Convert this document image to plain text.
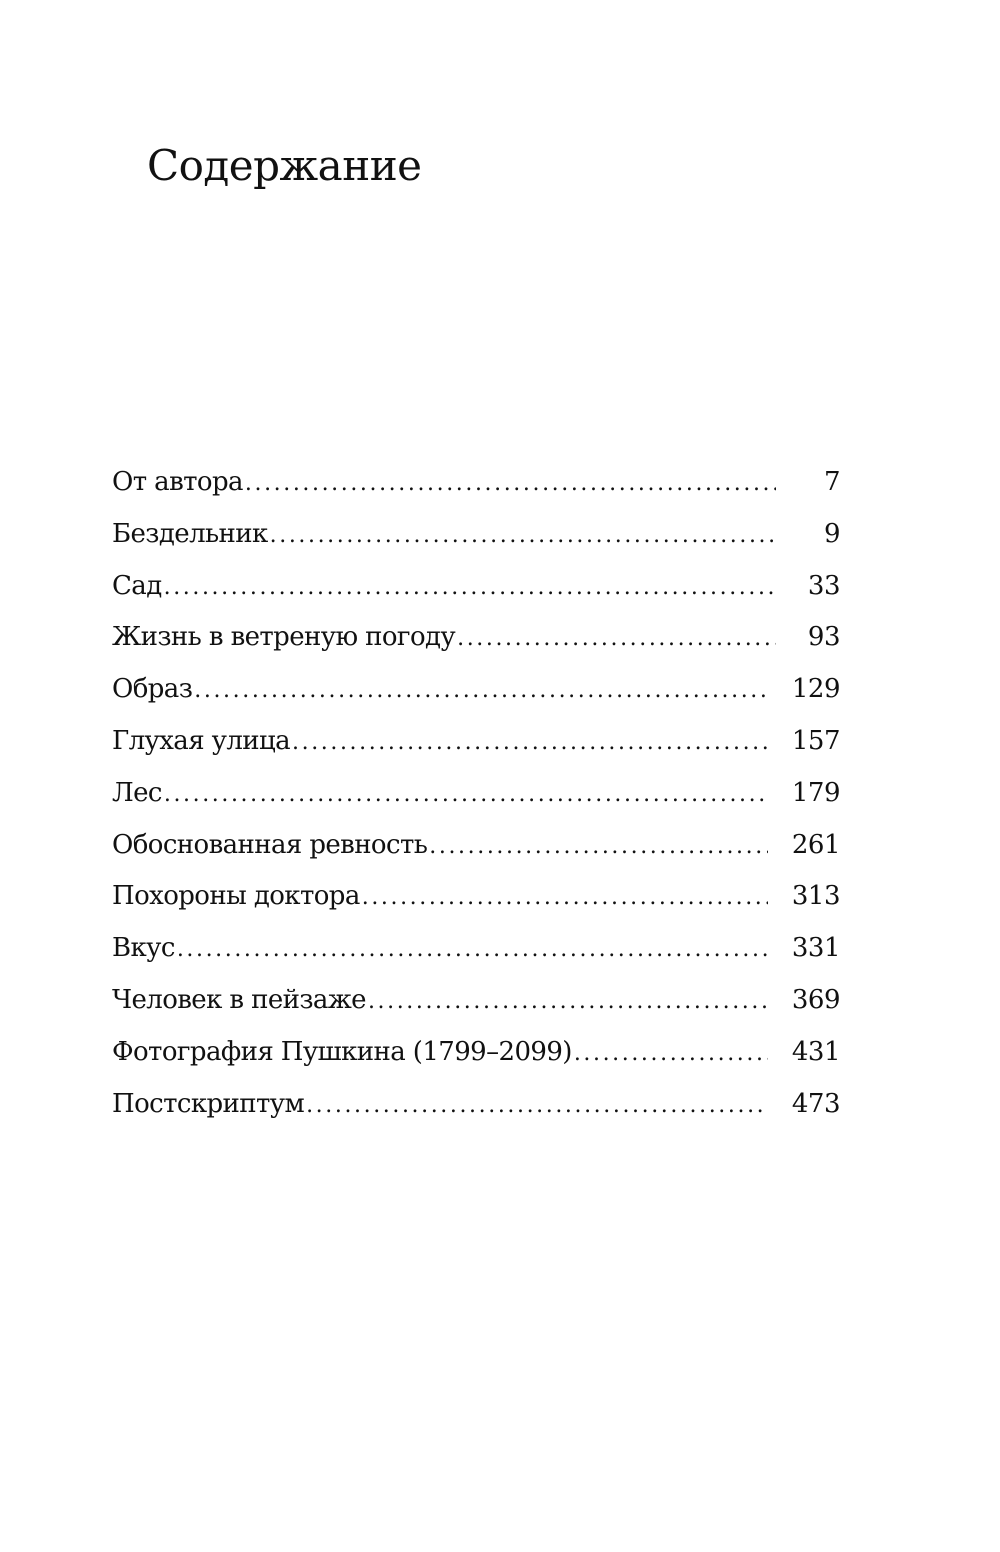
Содержание
От автора . . .	7
Бездельник . . .	9
Сад . . .	33
Жизнь в ветреную погоду . . .	93
Образ . . .	129
Глухая улица . . .	157
Лес . . .	179
Обоснованная ревность . . .	261
Похороны доктора . . .	313
Вкус . . .	331
Человек в пейзаже . . .	369
Фотография Пушкина (1799–2099) . . .	431
Постскриптум . . .	473
